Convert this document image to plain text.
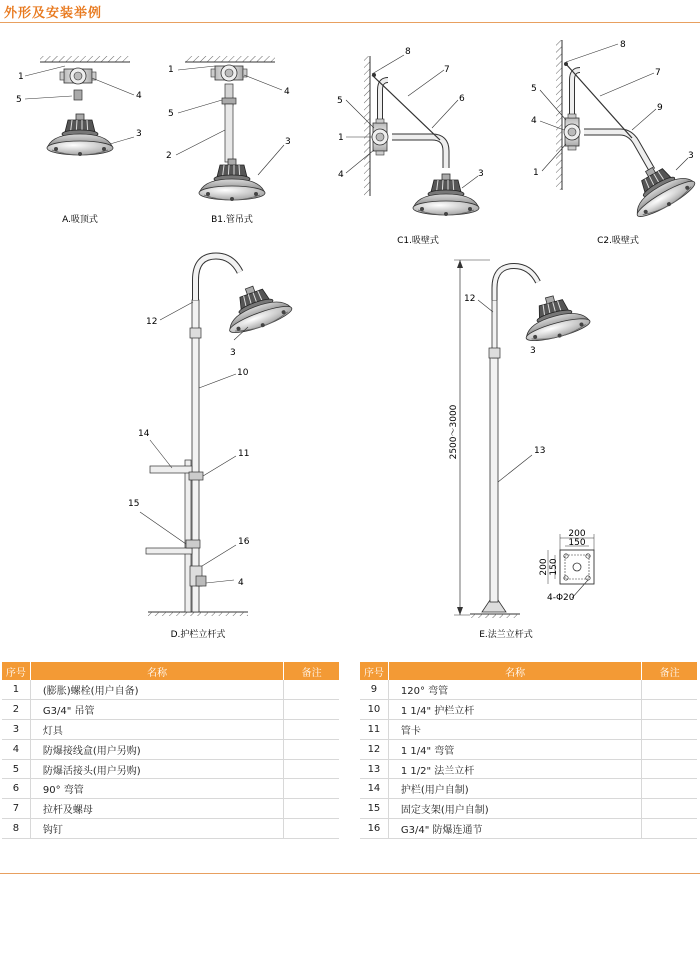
外形及安装举例
1
5	4
3
A.吸顶式
1
5
4
2
3
B1.管吊式
8
7
6
5
1
4	3
C1.吸壁式
8
7
9
5
4
1
3
C2.吸壁式
12
3
10
14
11
15
16
4
D.护栏立杆式
2500～3000
12
3
13
200
150
200 150
4-Φ20
E.法兰立杆式
序号	名称	备注
1	(膨胀)螺栓(用户自备)	
2	G3/4" 吊管	
3	灯具	
4	防爆接线盒(用户另购)	
5	防爆活接头(用户另购)	
6	90° 弯管	
7	拉杆及螺母	
8	钩钉	
序号	名称	备注
9	120° 弯管	
10	1 1/4" 护栏立杆	
11	管卡	
12	1 1/4" 弯管	
13	1 1/2" 法兰立杆	
14	护栏(用户自制)	
15	固定支架(用户自制)	
16	G3/4" 防爆连通节	
